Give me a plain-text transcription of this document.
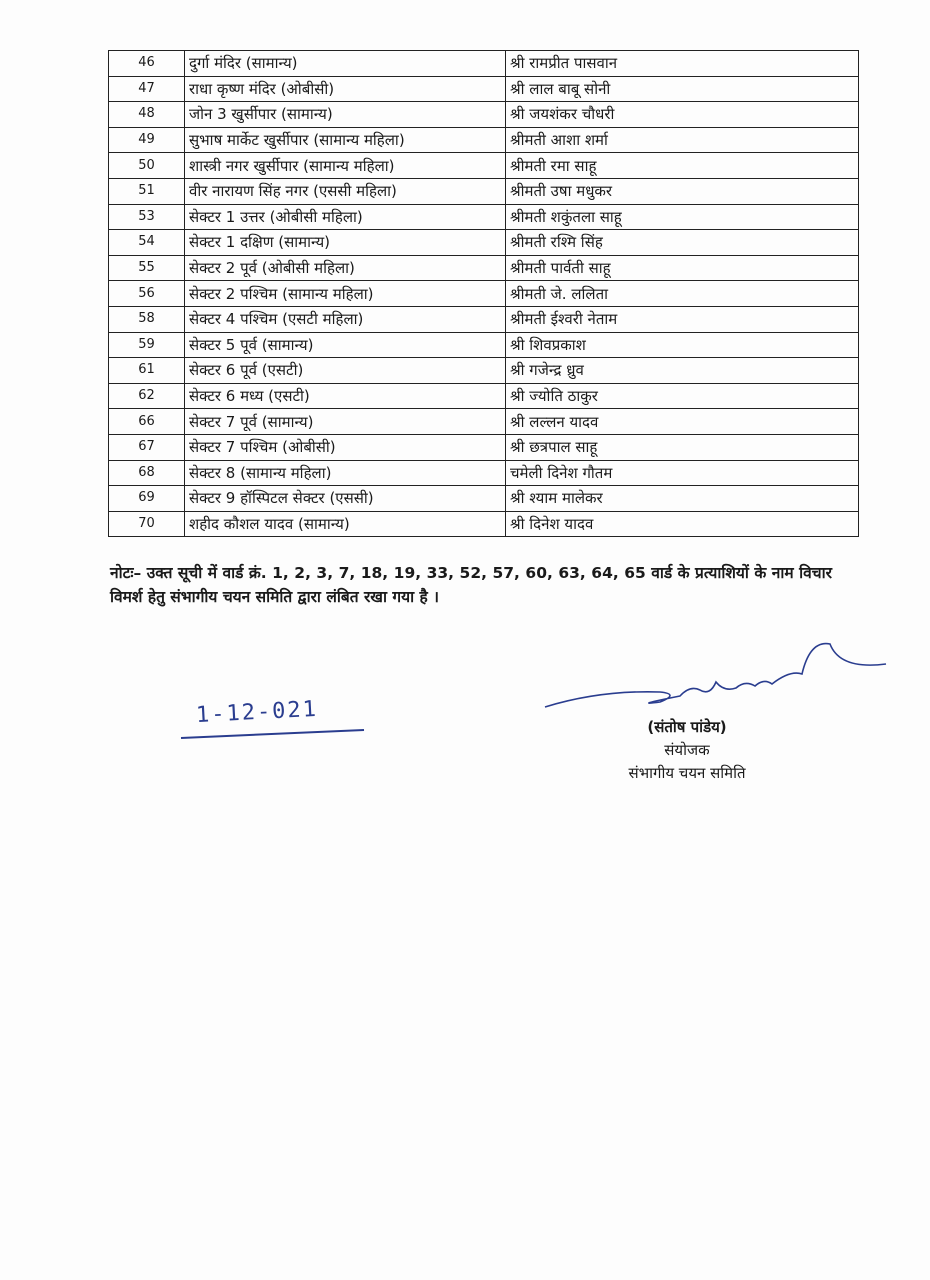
46	दुर्गा मंदिर (सामान्य)	श्री रामप्रीत पासवान
47	राधा कृष्ण मंदिर (ओबीसी)	श्री लाल बाबू सोनी
48	जोन 3 खुर्सीपार (सामान्य)	श्री जयशंकर चौधरी
49	सुभाष मार्केट खुर्सीपार (सामान्य महिला)	श्रीमती आशा शर्मा
50	शास्त्री नगर खुर्सीपार (सामान्य महिला)	श्रीमती रमा साहू
51	वीर नारायण सिंह नगर (एससी महिला)	श्रीमती उषा मधुकर
53	सेक्टर 1 उत्तर (ओबीसी महिला)	श्रीमती शकुंतला साहू
54	सेक्टर 1 दक्षिण (सामान्य)	श्रीमती रश्मि सिंह
55	सेक्टर 2 पूर्व (ओबीसी महिला)	श्रीमती पार्वती साहू
56	सेक्टर 2 पश्चिम (सामान्य महिला)	श्रीमती जे. ललिता
58	सेक्टर 4 पश्चिम (एसटी महिला)	श्रीमती ईश्वरी नेताम
59	सेक्टर 5 पूर्व (सामान्य)	श्री शिवप्रकाश
61	सेक्टर 6 पूर्व (एसटी)	श्री गजेन्द्र ध्रुव
62	सेक्टर 6 मध्य (एसटी)	श्री ज्योति ठाकुर
66	सेक्टर 7 पूर्व (सामान्य)	श्री लल्लन यादव
67	सेक्टर 7 पश्चिम (ओबीसी)	श्री छत्रपाल साहू
68	सेक्टर 8 (सामान्य महिला)	चमेली दिनेश गौतम
69	सेक्टर 9 हॉस्पिटल सेक्टर (एससी)	श्री श्याम मालेकर
70	शहीद कौशल यादव (सामान्य)	श्री दिनेश यादव
नोटः– उक्त सूची में वार्ड क्रं. 1, 2, 3, 7, 18, 19, 33, 52, 57, 60, 63, 64, 65 वार्ड के प्रत्याशियों के नाम विचार विमर्श हेतु संभागीय चयन समिति द्वारा लंबित रखा गया है ।
1-12-021	(संतोष पांडेय)
संयोजक
संभागीय चयन समिति
